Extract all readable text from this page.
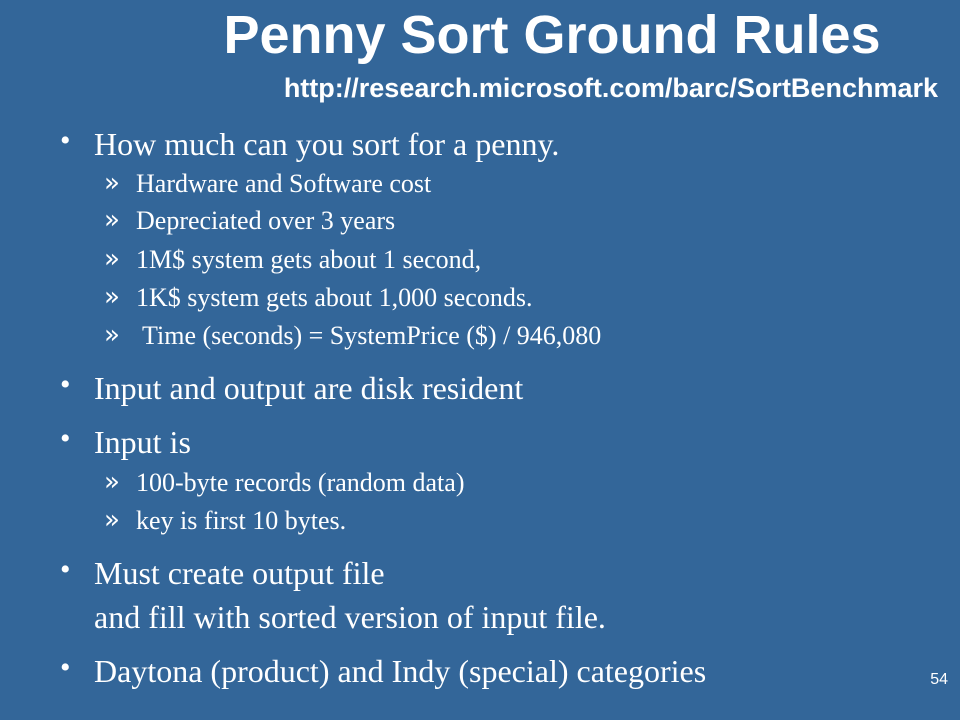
Penny Sort Ground Rules
http://research.microsoft.com/barc/SortBenchmark
• How much can you sort for a penny.
» Hardware and Software cost
» Depreciated over 3 years
» 1M$ system gets about 1 second,
» 1K$ system gets about 1,000 seconds.
» Time (seconds) = SystemPrice ($) / 946,080
• Input and output are disk resident
• Input is
» 100-byte records (random data)
» key is first 10 bytes.
• Must create output file
and fill with sorted version of input file.
• Daytona (product) and Indy (special) categories	54
